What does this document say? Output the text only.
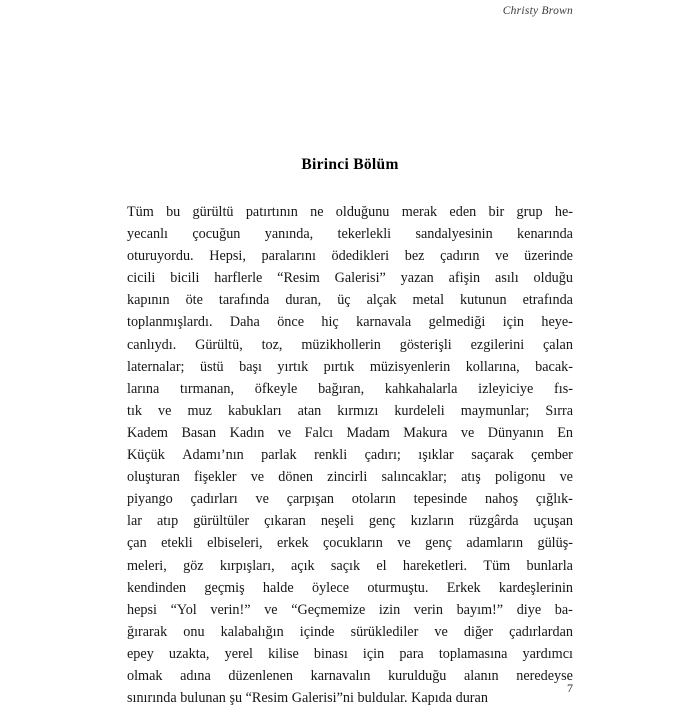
Christy Brown
Birinci Bölüm
Tüm bu gürültü patırtının ne olduğunu merak eden bir grup he-
yecanlı çocuğun yanında, tekerlekli sandalyesinin kenarında
oturuyordu. Hepsi, paralarını ödedikleri bez çadırın ve üzerinde
cicili bicili harflerle “Resim Galerisi” yazan afişin asılı olduğu
kapının öte tarafında duran, üç alçak metal kutunun etrafında
toplanmışlardı. Daha önce hiç karnavala gelmediği için heye-
canlıydı. Gürültü, toz, müzikhollerin gösterişli ezgilerini çalan
laternalar; üstü başı yırtık pırtık müzisyenlerin kollarına, bacak-
larına tırmanan, öfkeyle bağıran, kahkahalarla izleyiciye fıs-
tık ve muz kabukları atan kırmızı kurdeleli maymunlar; Sırra
Kadem Basan Kadın ve Falcı Madam Makura ve Dünyanın En
Küçük Adamı’nın parlak renkli çadırı; ışıklar saçarak çember
oluşturan fişekler ve dönen zincirli salıncaklar; atış poligonu ve
piyango çadırları ve çarpışan otoların tepesinde nahoş çığlık-
lar atıp gürültüler çıkaran neşeli genç kızların rüzgârda uçuşan
çan etekli elbiseleri, erkek çocukların ve genç adamların gülüş-
meleri, göz kırpışları, açık saçık el hareketleri. Tüm bunlarla
kendinden geçmiş halde öylece oturmuştu. Erkek kardeşlerinin
hepsi “Yol verin!” ve “Geçmemize izin verin bayım!” diye ba-
ğırarak onu kalabalığın içinde sürüklediler ve diğer çadırlardan
epey uzakta, yerel kilise binası için para toplamasına yardımcı
olmak adına düzenlenen karnavalın kurulduğu alanın neredeyse
sınırında bulunan şu “Resim Galerisi”ni buldular. Kapıda duran
7
